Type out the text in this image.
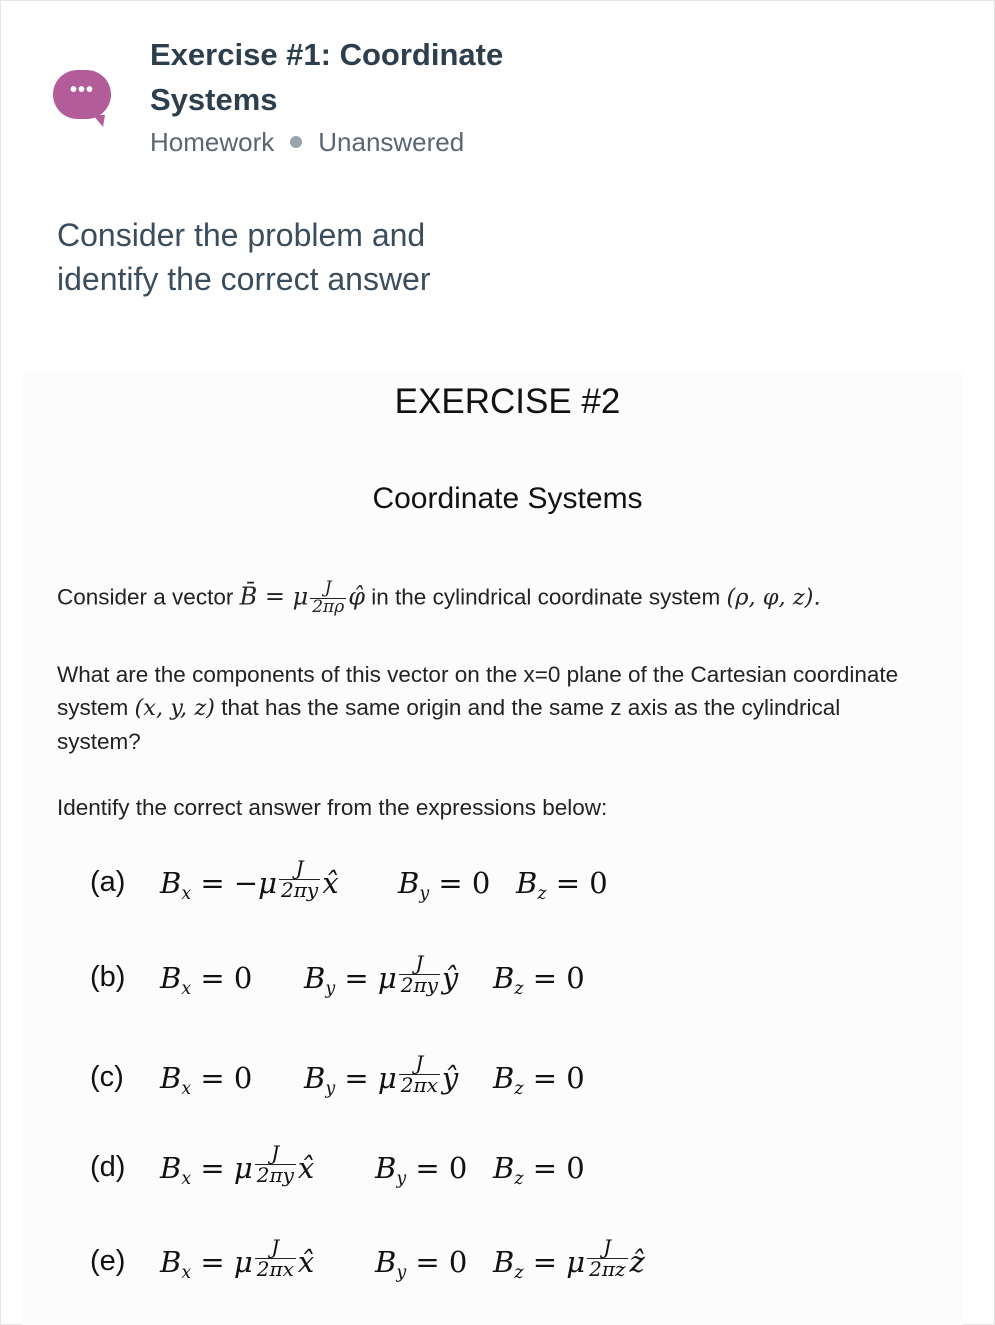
•••
Exercise #1: Coordinate Systems
Homework Unanswered
Consider the problem and identify the correct answer
EXERCISE #2
Coordinate Systems
Consider a vector B̄ = μ $\frac{J}{2\pi\rho}$ φ̂ in the cylindrical coordinate system (ρ, φ, z).
What are the components of this vector on the x=0 plane of the Cartesian coordinate system (x, y, z) that has the same origin and the same z axis as the cylindrical system?
Identify the correct answer from the expressions below:
(a) $B_x = -\mu \frac{J}{2\pi y}$ x̂ $B_y = 0$ $B_z = 0$
(b) $B_x = 0$ $B_y = \mu \frac{J}{2\pi y}$ ŷ $B_z = 0$
(c) $B_x = 0$ $B_y = \mu \frac{J}{2\pi x}$ ŷ $B_z = 0$
(d) $B_x = \mu \frac{J}{2\pi y}$ x̂ $B_y = 0$ $B_z = 0$
(e) $B_x = \mu \frac{J}{2\pi x}$ x̂ $B_y = 0$ $B_z = \mu \frac{J}{2\pi z}$ ẑ
